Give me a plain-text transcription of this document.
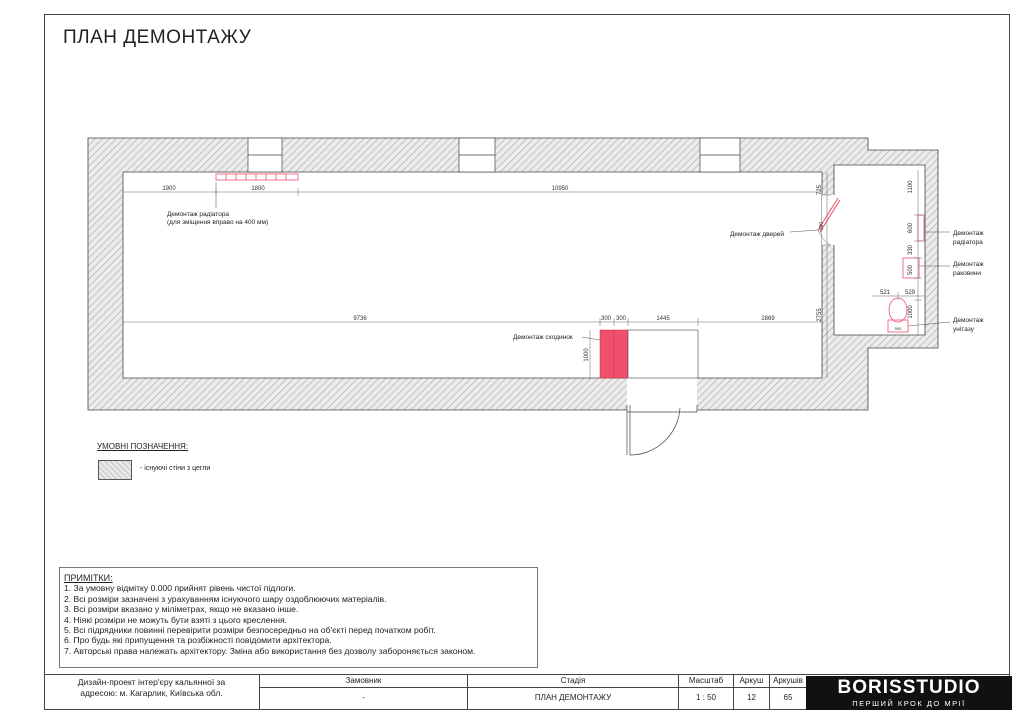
ПЛАН ДЕМОНТАЖУ
1900	1800	10950
9736	300 300	1445	2869
521 529
900
725
2755
900
1000
1100
600
330
500
1000
Демонтаж радіатора
(для зміщення вправо на 400 мм)
Демонтаж дверей
Демонтаж сходинок
Демонтаж
радіатора
Демонтаж
раковини
Демонтаж
унітазу
УМОВНІ ПОЗНАЧЕННЯ:
- існуючі стіни з цегли
ПРИМІТКИ:
1. За умовну відмітку 0.000 прийнят рівень чистої підлоги.
2. Всі розміри зазначені з урахуванням існуючого шару оздоблюючих матеріалів.
3. Всі розміри вказано у міліметрах, якщо не вказано інше.
4. Ніякі розміри не можуть бути взяті з цього креслення.
5. Всі підрядники повинні перевірити розміри безпосередньо на об'єкті перед початком робіт.
6. Про будь які припущення та розбіжності повідомити архітектора.
7. Авторські права належать архітектору. Зміна або використання без дозволу забороняється законом.
Дизайн-проект інтер'єру кальянної за
адресою: м. Кагарлик, Київська обл.
Замовник
-
Стадія
ПЛАН ДЕМОНТАЖУ
Масштаб
1 : 50
Аркуш
12
Аркушів
65	BORISSTUDIO
ПЕРШИЙ КРОК ДО МРІЇ
